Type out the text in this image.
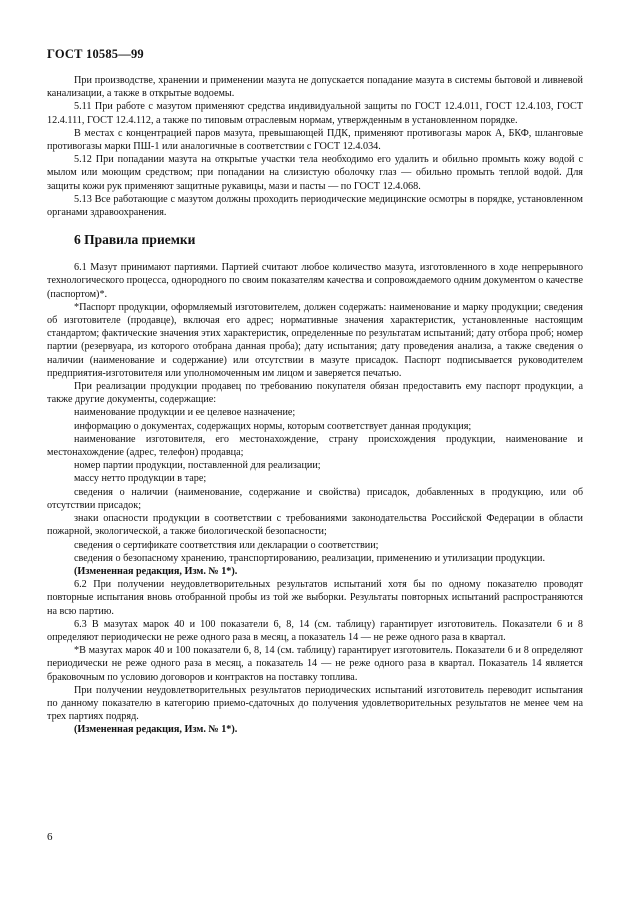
ГОСТ 10585—99

При производстве, хранении и применении мазута не допускается попадание мазута в системы бытовой и ливневой канализации, а также в открытые водоемы.

5.11 При работе с мазутом применяют средства индивидуальной защиты по ГОСТ 12.4.011, ГОСТ 12.4.103, ГОСТ 12.4.111, ГОСТ 12.4.112, а также по типовым отраслевым нормам, утвержденным в установленном порядке.

В местах с концентрацией паров мазута, превышающей ПДК, применяют противогазы марок А, БКФ, шланговые противогазы марки ПШ-1 или аналогичные в соответствии с ГОСТ 12.4.034.

5.12 При попадании мазута на открытые участки тела необходимо его удалить и обильно промыть кожу водой с мылом или моющим средством; при попадании на слизистую оболочку глаз — обильно промыть теплой водой. Для защиты кожи рук применяют защитные рукавицы, мази и пасты — по ГОСТ 12.4.068.

5.13 Все работающие с мазутом должны проходить периодические медицинские осмотры в порядке, установленном органами здравоохранения.

6 Правила приемки

6.1 Мазут принимают партиями. Партией считают любое количество мазута, изготовленного в ходе непрерывного технологического процесса, однородного по своим показателям качества и сопровождаемого одним документом о качестве (паспортом)*.

*Паспорт продукции, оформляемый изготовителем, должен содержать: наименование и марку продукции; сведения об изготовителе (продавце), включая его адрес; нормативные значения характеристик, установленные настоящим стандартом; фактические значения этих характеристик, определенные по результатам испытаний; дату отбора проб; номер партии (резервуара, из которого отобрана данная проба); дату испытания; дату проведения анализа, а также сведения о наличии (наименование и содержание) или отсутствии в мазуте присадок. Паспорт подписывается руководителем предприятия-изготовителя или уполномоченным им лицом и заверяется печатью.

При реализации продукции продавец по требованию покупателя обязан предоставить ему паспорт продукции, а также другие документы, содержащие:

наименование продукции и ее целевое назначение;

информацию о документах, содержащих нормы, которым соответствует данная продукция;

наименование изготовителя, его местонахождение, страну происхождения продукции, наименование и местонахождение (адрес, телефон) продавца;

номер партии продукции, поставленной для реализации;

массу нетто продукции в таре;

сведения о наличии (наименование, содержание и свойства) присадок, добавленных в продукцию, или об отсутствии присадок;

знаки опасности продукции в соответствии с требованиями законодательства Российской Федерации в области пожарной, экологической, а также биологической безопасности;

сведения о сертификате соответствия или декларации о соответствии;

сведения о безопасному хранению, транспортированию, реализации, применению и утилизации продукции.

(Измененная редакция, Изм. № 1*).

6.2 При получении неудовлетворительных результатов испытаний хотя бы по одному показателю проводят повторные испытания вновь отобранной пробы из той же выборки. Результаты повторных испытаний распространяются на всю партию.

6.3 В мазутах марок 40 и 100 показатели 6, 8, 14 (см. таблицу) гарантирует изготовитель. Показатели 6 и 8 определяют периодически не реже одного раза в месяц, а показатель 14 — не реже одного раза в квартал.

*В мазутах марок 40 и 100 показатели 6, 8, 14 (см. таблицу) гарантирует изготовитель. Показатели 6 и 8 определяют периодически не реже одного раза в месяц, а показатель 14 — не реже одного раза в квартал. Показатель 14 является браковочным по условию договоров и контрактов на поставку топлива.

При получении неудовлетворительных результатов периодических испытаний изготовитель переводит испытания по данному показателю в категорию приемо-сдаточных до получения удовлетворительных результатов не менее чем на трех партиях подряд.

(Измененная редакция, Изм. № 1*).

6
